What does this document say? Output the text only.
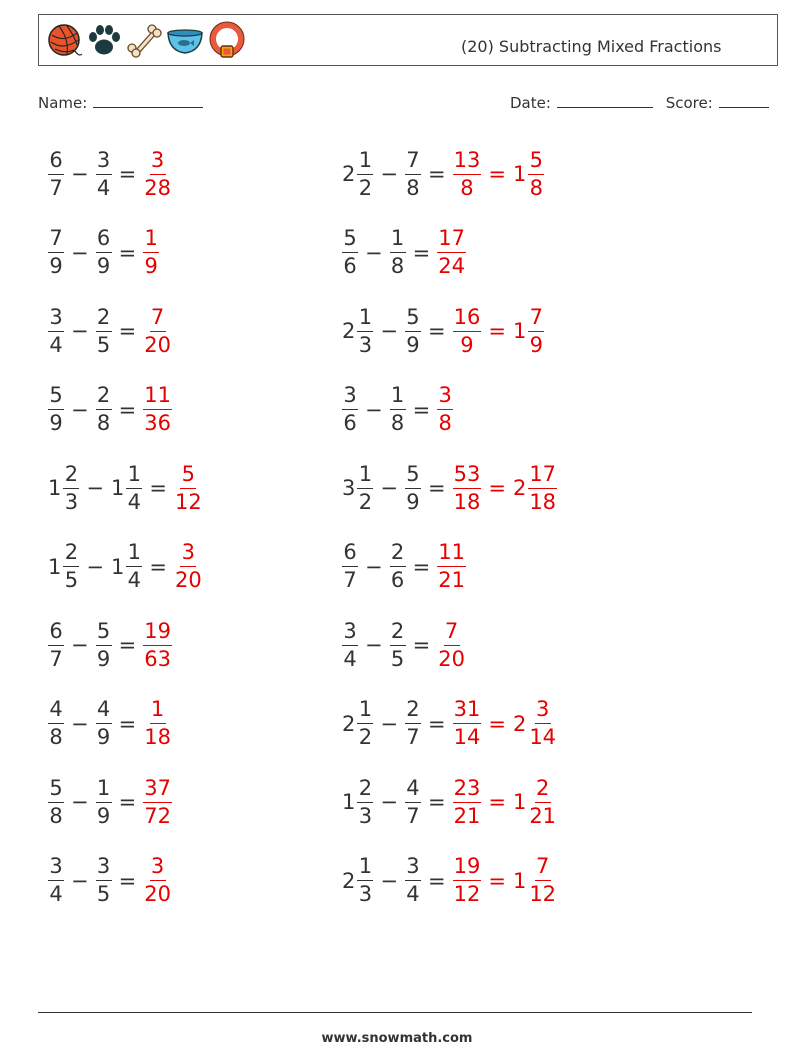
(20) Subtracting Mixed Fractions
Name:	Date:	Score:
$\frac{6}{7} - \frac{3}{4} = \frac{3}{28}$	$2 \frac{1}{2} - \frac{7}{8} = \frac{13}{8} = 1 \frac{5}{8}$
$\frac{7}{9} - \frac{6}{9} = \frac{1}{9}$	$\frac{5}{6} - \frac{1}{8} = \frac{17}{24}$
$\frac{3}{4} - \frac{2}{5} = \frac{7}{20}$	$2 \frac{1}{3} - \frac{5}{9} = \frac{16}{9} = 1 \frac{7}{9}$
$\frac{5}{9} - \frac{2}{8} = \frac{11}{36}$	$\frac{3}{6} - \frac{1}{8} = \frac{3}{8}$
$1 \frac{2}{3} - 1 \frac{1}{4} = \frac{5}{12}$	$3 \frac{1}{2} - \frac{5}{9} = \frac{53}{18} = 2 \frac{17}{18}$
$1 \frac{2}{5} - 1 \frac{1}{4} = \frac{3}{20}$	$\frac{6}{7} - \frac{2}{6} = \frac{11}{21}$
$\frac{6}{7} - \frac{5}{9} = \frac{19}{63}$	$\frac{3}{4} - \frac{2}{5} = \frac{7}{20}$
$\frac{4}{8} - \frac{4}{9} = \frac{1}{18}$	$2 \frac{1}{2} - \frac{2}{7} = \frac{31}{14} = 2 \frac{3}{14}$
$\frac{5}{8} - \frac{1}{9} = \frac{37}{72}$	$1 \frac{2}{3} - \frac{4}{7} = \frac{23}{21} = 1 \frac{2}{21}$
$\frac{3}{4} - \frac{3}{5} = \frac{3}{20}$	$2 \frac{1}{3} - \frac{3}{4} = \frac{19}{12} = 1 \frac{7}{12}$
www.snowmath.com
